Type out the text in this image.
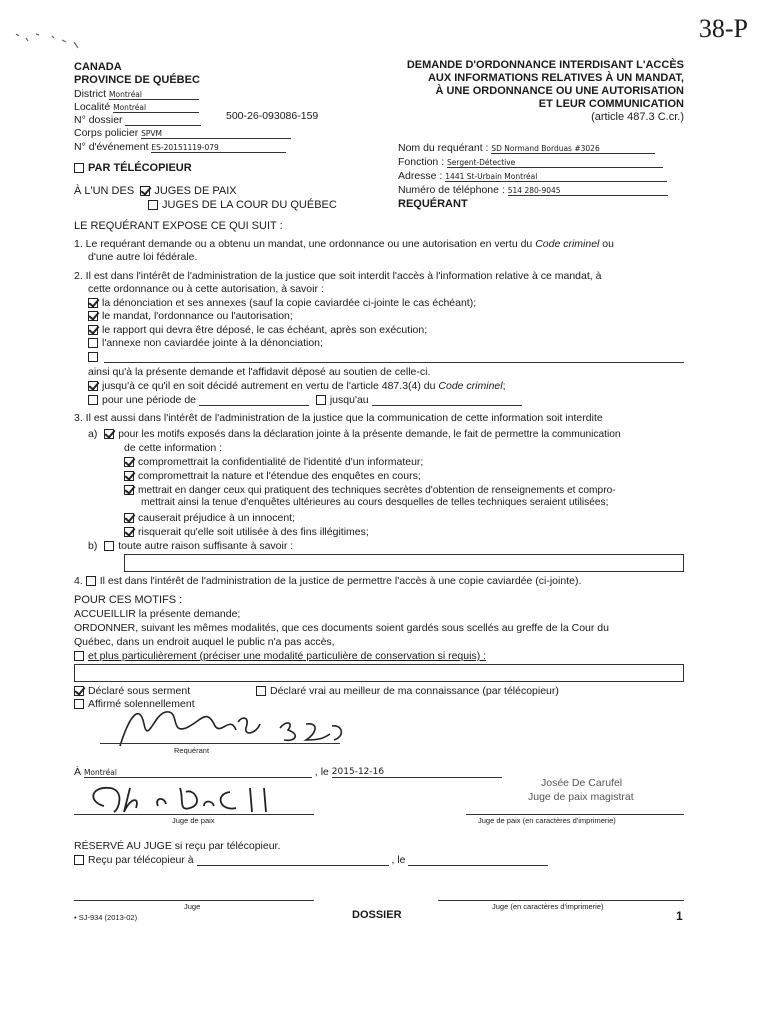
38-P
CANADA
PROVINCE DE QUÉBEC
District Montréal
Localité Montréal
N° dossier	500-26-093086-159
Corps policier SPVM
N° d'événement ES-20151119-079
DEMANDE D'ORDONNANCE INTERDISANT L'ACCÈS
AUX INFORMATIONS RELATIVES À UN MANDAT,
À UNE ORDONNANCE OU UNE AUTORISATION
ET LEUR COMMUNICATION
(article 487.3 C.cr.)
Nom du requérant : SD Normand Borduas #3026
Fonction : Sergent-Détective
Adresse : 1441 St-Urbain Montréal
Numéro de téléphone : 514 280-9045
REQUÉRANT
PAR TÉLÉCOPIEUR
À L'UN DES JUGES DE PAIX
JUGES DE LA COUR DU QUÉBEC
LE REQUÉRANT EXPOSE CE QUI SUIT :
1. Le requérant demande ou a obtenu un mandat, une ordonnance ou une autorisation en vertu du Code criminel ou
d'une autre loi fédérale.
2. Il est dans l'intérêt de l'administration de la justice que soit interdit l'accès à l'information relative à ce mandat, à
cette ordonnance ou à cette autorisation, à savoir :
la dénonciation et ses annexes (sauf la copie caviardée ci-jointe le cas échéant);
le mandat, l'ordonnance ou l'autorisation;
le rapport qui devra être déposé, le cas échéant, après son exécution;
l'annexe non caviardée jointe à la dénonciation;
ainsi qu'à la présente demande et l'affidavit déposé au soutien de celle-ci.
jusqu'à ce qu'il en soit décidé autrement en vertu de l'article 487.3(4) du Code criminel;
pour une période de	jusqu'au
3. Il est aussi dans l'intérêt de l'administration de la justice que la communication de cette information soit interdite
a) pour les motifs exposés dans la déclaration jointe à la présente demande, le fait de permettre la communication
de cette information :
compromettrait la confidentialité de l'identité d'un informateur;
compromettrait la nature et l'étendue des enquêtes en cours;
mettrait en danger ceux qui pratiquent des techniques secrètes d'obtention de renseignements et compro-
mettrait ainsi la tenue d'enquêtes ultérieures au cours desquelles de telles techniques seraient utilisées;
causerait préjudice à un innocent;
risquerait qu'elle soit utilisée à des fins illégitimes;
b) toute autre raison suffisante à savoir :
4. Il est dans l'intérêt de l'administration de la justice de permettre l'accès à une copie caviardée (ci-jointe).
POUR CES MOTIFS :
ACCUEILLIR la présente demande;
ORDONNER, suivant les mêmes modalités, que ces documents soient gardés sous scellés au greffe de la Cour du
Québec, dans un endroit auquel le public n'a pas accès,
et plus particulièrement (préciser une modalité particulière de conservation si requis) :
Déclaré sous serment	Déclaré vrai au meilleur de ma connaissance (par télécopieur)
Affirmé solennellement
Requérant
À Montréal	, le 2015-12-16
Juge de paix
Josée De Carufel
Juge de paix magistrat
Juge de paix (en caractères d'imprimerie)
RÉSERVÉ AU JUGE si reçu par télécopieur.
Reçu par télécopieur à	, le
Juge	Juge (en caractères d'imprimerie)
• SJ-934 (2013-02)	DOSSIER	1
